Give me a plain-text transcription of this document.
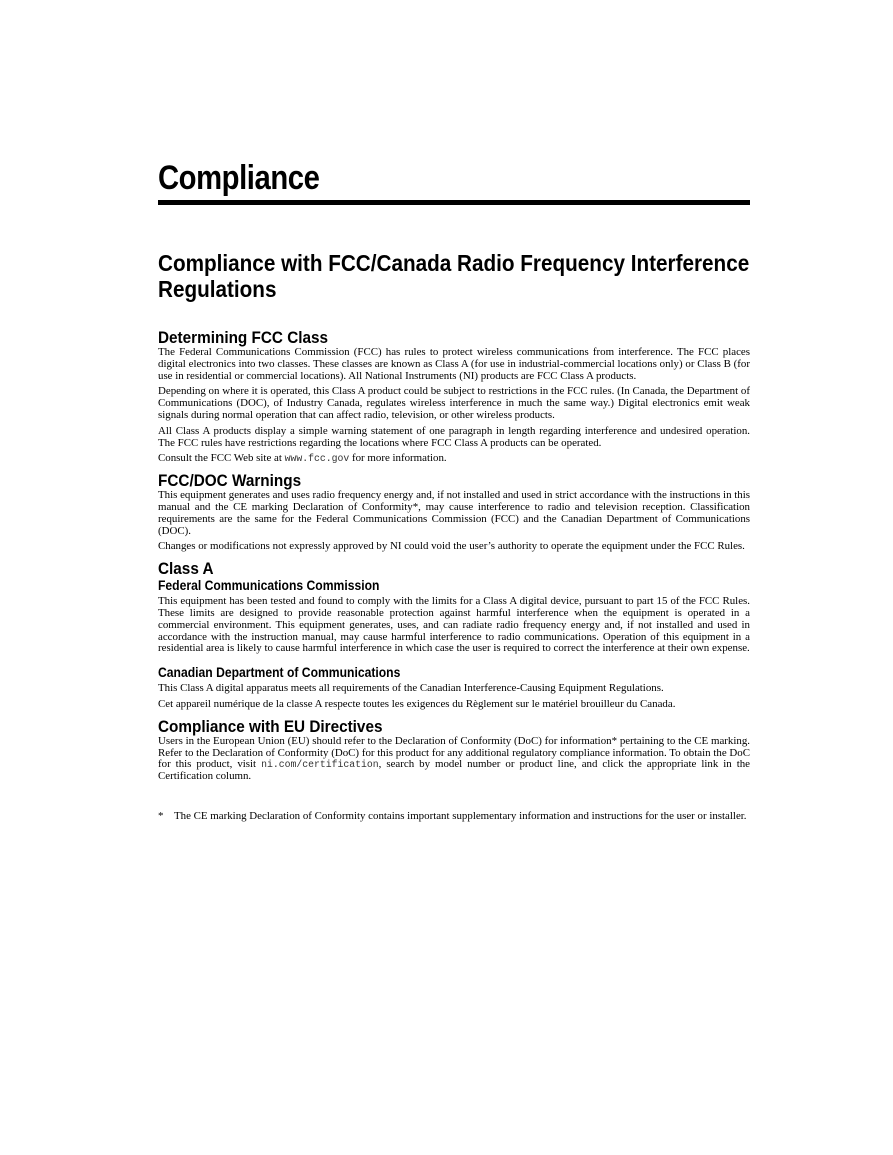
Compliance
Compliance with FCC/Canada Radio Frequency Interference Regulations
Determining FCC Class

The Federal Communications Commission (FCC) has rules to protect wireless communications from interference. The FCC places digital electronics into two classes. These classes are known as Class A (for use in industrial-commercial locations only) or Class B (for use in residential or commercial locations). All National Instruments (NI) products are FCC Class A products.

Depending on where it is operated, this Class A product could be subject to restrictions in the FCC rules. (In Canada, the Department of Communications (DOC), of Industry Canada, regulates wireless interference in much the same way.) Digital electronics emit weak signals during normal operation that can affect radio, television, or other wireless products.

All Class A products display a simple warning statement of one paragraph in length regarding interference and undesired operation. The FCC rules have restrictions regarding the locations where FCC Class A products can be operated.

Consult the FCC Web site at www.fcc.gov for more information.

FCC/DOC Warnings

This equipment generates and uses radio frequency energy and, if not installed and used in strict accordance with the instructions in this manual and the CE marking Declaration of Conformity*, may cause interference to radio and television reception. Classification requirements are the same for the Federal Communications Commission (FCC) and the Canadian Department of Communications (DOC).

Changes or modifications not expressly approved by NI could void the user’s authority to operate the equipment under the FCC Rules.

Class A
Federal Communications Commission

This equipment has been tested and found to comply with the limits for a Class A digital device, pursuant to part 15 of the FCC Rules. These limits are designed to provide reasonable protection against harmful interference when the equipment is operated in a commercial environment. This equipment generates, uses, and can radiate radio frequency energy and, if not installed and used in accordance with the instruction manual, may cause harmful interference to radio communications. Operation of this equipment in a residential area is likely to cause harmful interference in which case the user is required to correct the interference at their own expense.

Canadian Department of Communications

This Class A digital apparatus meets all requirements of the Canadian Interference-Causing Equipment Regulations.

Cet appareil numérique de la classe A respecte toutes les exigences du Règlement sur le matériel brouilleur du Canada.

Compliance with EU Directives

Users in the European Union (EU) should refer to the Declaration of Conformity (DoC) for information* pertaining to the CE marking. Refer to the Declaration of Conformity (DoC) for this product for any additional regulatory compliance information. To obtain the DoC for this product, visit ni.com/certification, search by model number or product line, and click the appropriate link in the Certification column.

* The CE marking Declaration of Conformity contains important supplementary information and instructions for the user or installer.
